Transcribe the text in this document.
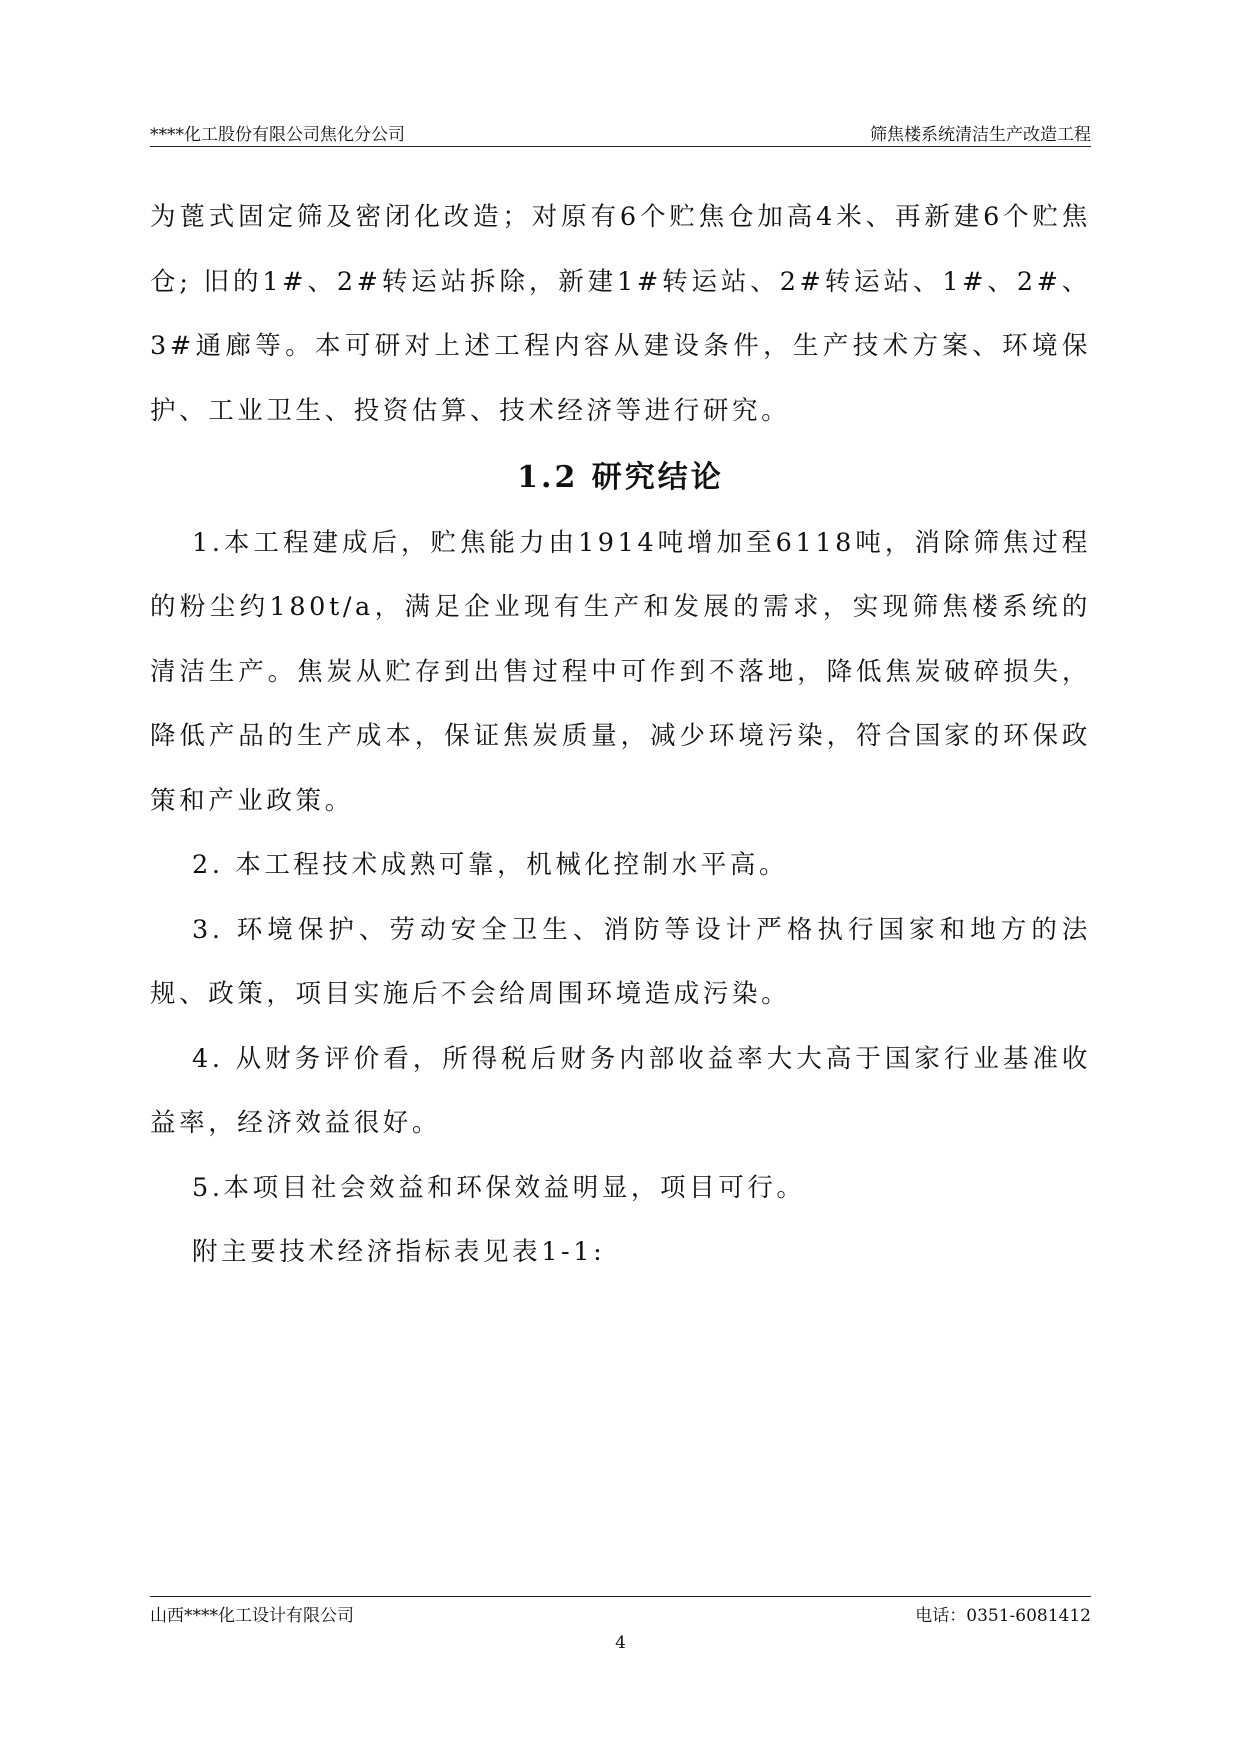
****化工股份有限公司焦化分公司	筛焦楼系统清洁生产改造工程

为蓖式固定筛及密闭化改造；对原有6个贮焦仓加高4米、再新建6个贮焦仓; 旧的1#、2#转运站拆除，新建1#转运站、2#转运站、1#、2#、3#通廊等。本可研对上述工程内容从建设条件，生产技术方案、环境保护、工业卫生、投资估算、技术经济等进行研究。

1.2 研究结论

1.本工程建成后，贮焦能力由1914吨增加至6118吨，消除筛焦过程的粉尘约180t/a，满足企业现有生产和发展的需求，实现筛焦楼系统的清洁生产。焦炭从贮存到出售过程中可作到不落地，降低焦炭破碎损失，降低产品的生产成本，保证焦炭质量，减少环境污染，符合国家的环保政策和产业政策。

2. 本工程技术成熟可靠，机械化控制水平高。

3. 环境保护、劳动安全卫生、消防等设计严格执行国家和地方的法规、政策，项目实施后不会给周围环境造成污染。

4. 从财务评价看，所得税后财务内部收益率大大高于国家行业基准收益率，经济效益很好。

5.本项目社会效益和环保效益明显，项目可行。

附主要技术经济指标表见表1-1:

山西****化工设计有限公司	电话：0351-6081412
4
